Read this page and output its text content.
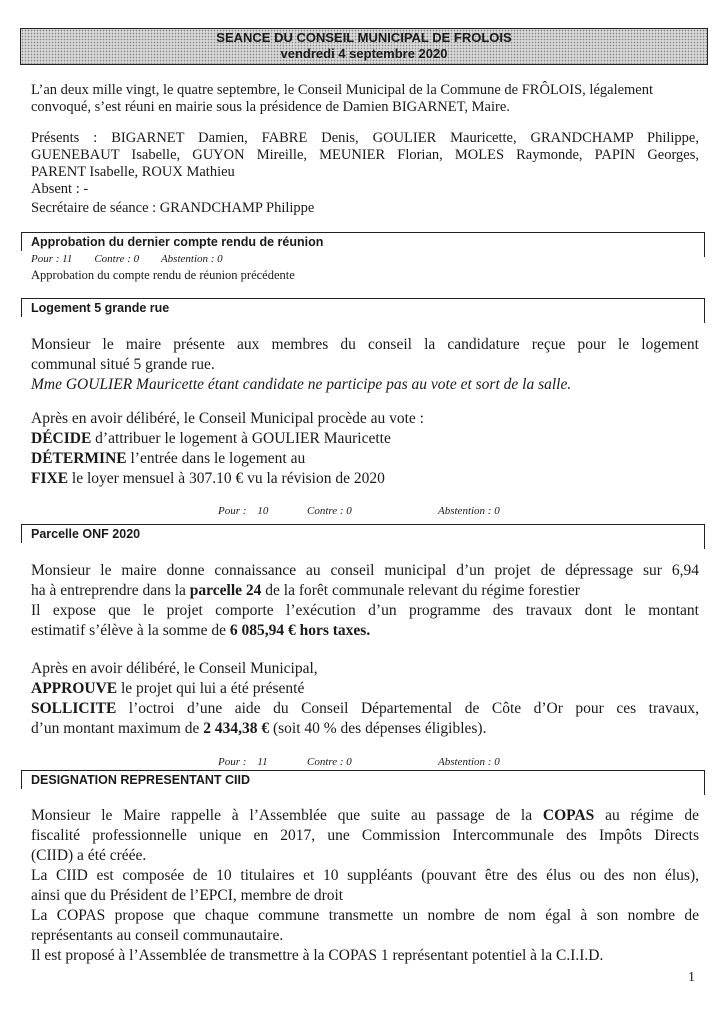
SEANCE DU CONSEIL MUNICIPAL DE FROLOIS
vendredi 4 septembre 2020
L’an deux mille vingt, le quatre septembre, le Conseil Municipal de la Commune de FRÔLOIS, légalement
convoqué, s’est réuni en mairie sous la présidence de Damien BIGARNET, Maire.
Présents : BIGARNET Damien, FABRE Denis, GOULIER Mauricette, GRANDCHAMP Philippe,
GUENEBAUT Isabelle, GUYON Mireille, MEUNIER Florian, MOLES Raymonde, PAPIN Georges,
PARENT Isabelle, ROUX Mathieu
Absent : -
Secrétaire de séance : GRANDCHAMP Philippe
Approbation du dernier compte rendu de réunion
Pour : 11        Contre : 0        Abstention : 0
Approbation du compte rendu de réunion précédente
Logement 5 grande rue
Monsieur le maire présente aux membres du conseil la candidature reçue pour le logement
communal situé 5 grande rue.
Mme GOULIER Mauricette étant candidate ne participe pas au vote et sort de la salle.
Après en avoir délibéré, le Conseil Municipal procède au vote :
DÉCIDE d’attribuer le logement à GOULIER Mauricette
DÉTERMINE l’entrée dans le logement au
FIXE le loyer mensuel à 307.10 € vu la révision de 2020
Pour :    10	Contre : 0	Abstention : 0
Parcelle ONF 2020
Monsieur le maire donne connaissance au conseil municipal d’un projet de dépressage sur 6,94
ha à entreprendre dans la parcelle 24 de la forêt communale relevant du régime forestier
Il expose que le projet comporte l’exécution d’un programme des travaux dont le montant
estimatif s’élève à la somme de 6 085,94 € hors taxes.
Après en avoir délibéré, le Conseil Municipal,
APPROUVE le projet qui lui a été présenté
SOLLICITE l’octroi d’une aide du Conseil Départemental de Côte d’Or pour ces travaux,
d’un montant maximum de 2 434,38 € (soit 40 % des dépenses éligibles).
Pour :    11	Contre : 0	Abstention : 0
DESIGNATION REPRESENTANT CIID
Monsieur le Maire rappelle à l’Assemblée que suite au passage de la COPAS au régime de
fiscalité professionnelle unique en 2017, une Commission Intercommunale des Impôts Directs
(CIID) a été créée.
La CIID est composée de 10 titulaires et 10 suppléants (pouvant être des élus ou des non élus),
ainsi que du Président de l’EPCI, membre de droit
La COPAS propose que chaque commune transmette un nombre de nom égal à son nombre de
représentants au conseil communautaire.
Il est proposé à l’Assemblée de transmettre à la COPAS 1 représentant potentiel à la C.I.I.D.
1
